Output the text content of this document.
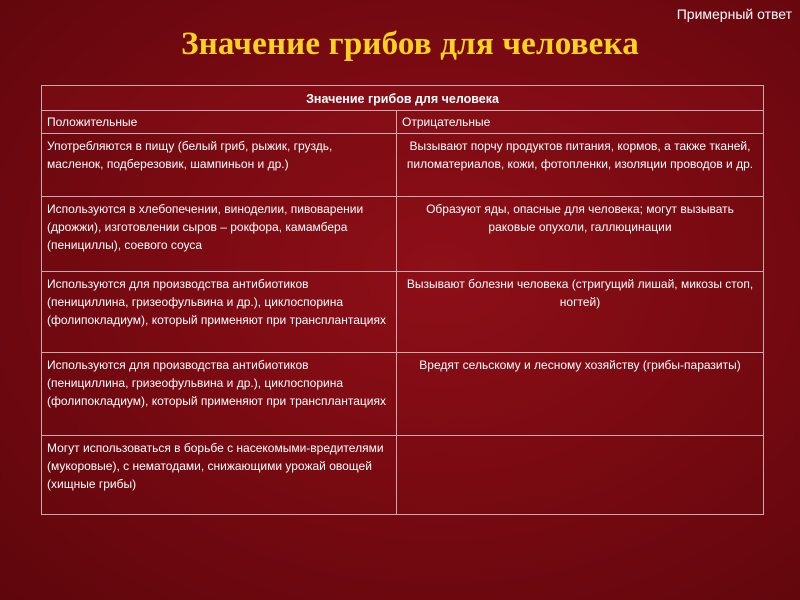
Примерный ответ
Значение грибов для человека
Значение грибов для человека	
Положительные	Отрицательные
Употребляются в пищу (белый гриб, рыжик, груздь, масленок, подберезовик, шампиньон и др.)	Вызывают порчу продуктов питания, кормов, а также тканей, пиломатериалов, кожи, фотопленки, изоляции проводов и др.
Используются в хлебопечении, виноделии, пивоварении (дрожжи), изготовлении сыров – рокфора, камамбера (пенициллы), соевого соуса	Образуют яды, опасные для человека; могут вызывать раковые опухоли, галлюцинации
Используются для производства антибиотиков (пенициллина, гризеофульвина и др.), циклоспорина (фолипокладиум), который применяют при трансплантациях	Вызывают болезни человека (стригущий лишай, микозы стоп, ногтей)
Используются для производства антибиотиков (пенициллина, гризеофульвина и др.), циклоспорина (фолипокладиум), который применяют при трансплантациях	Вредят сельскому и лесному хозяйству (грибы-паразиты)
Могут использоваться в борьбе с насекомыми-вредителями (мукоровые), с нематодами, снижающими урожай овощей (хищные грибы)	
